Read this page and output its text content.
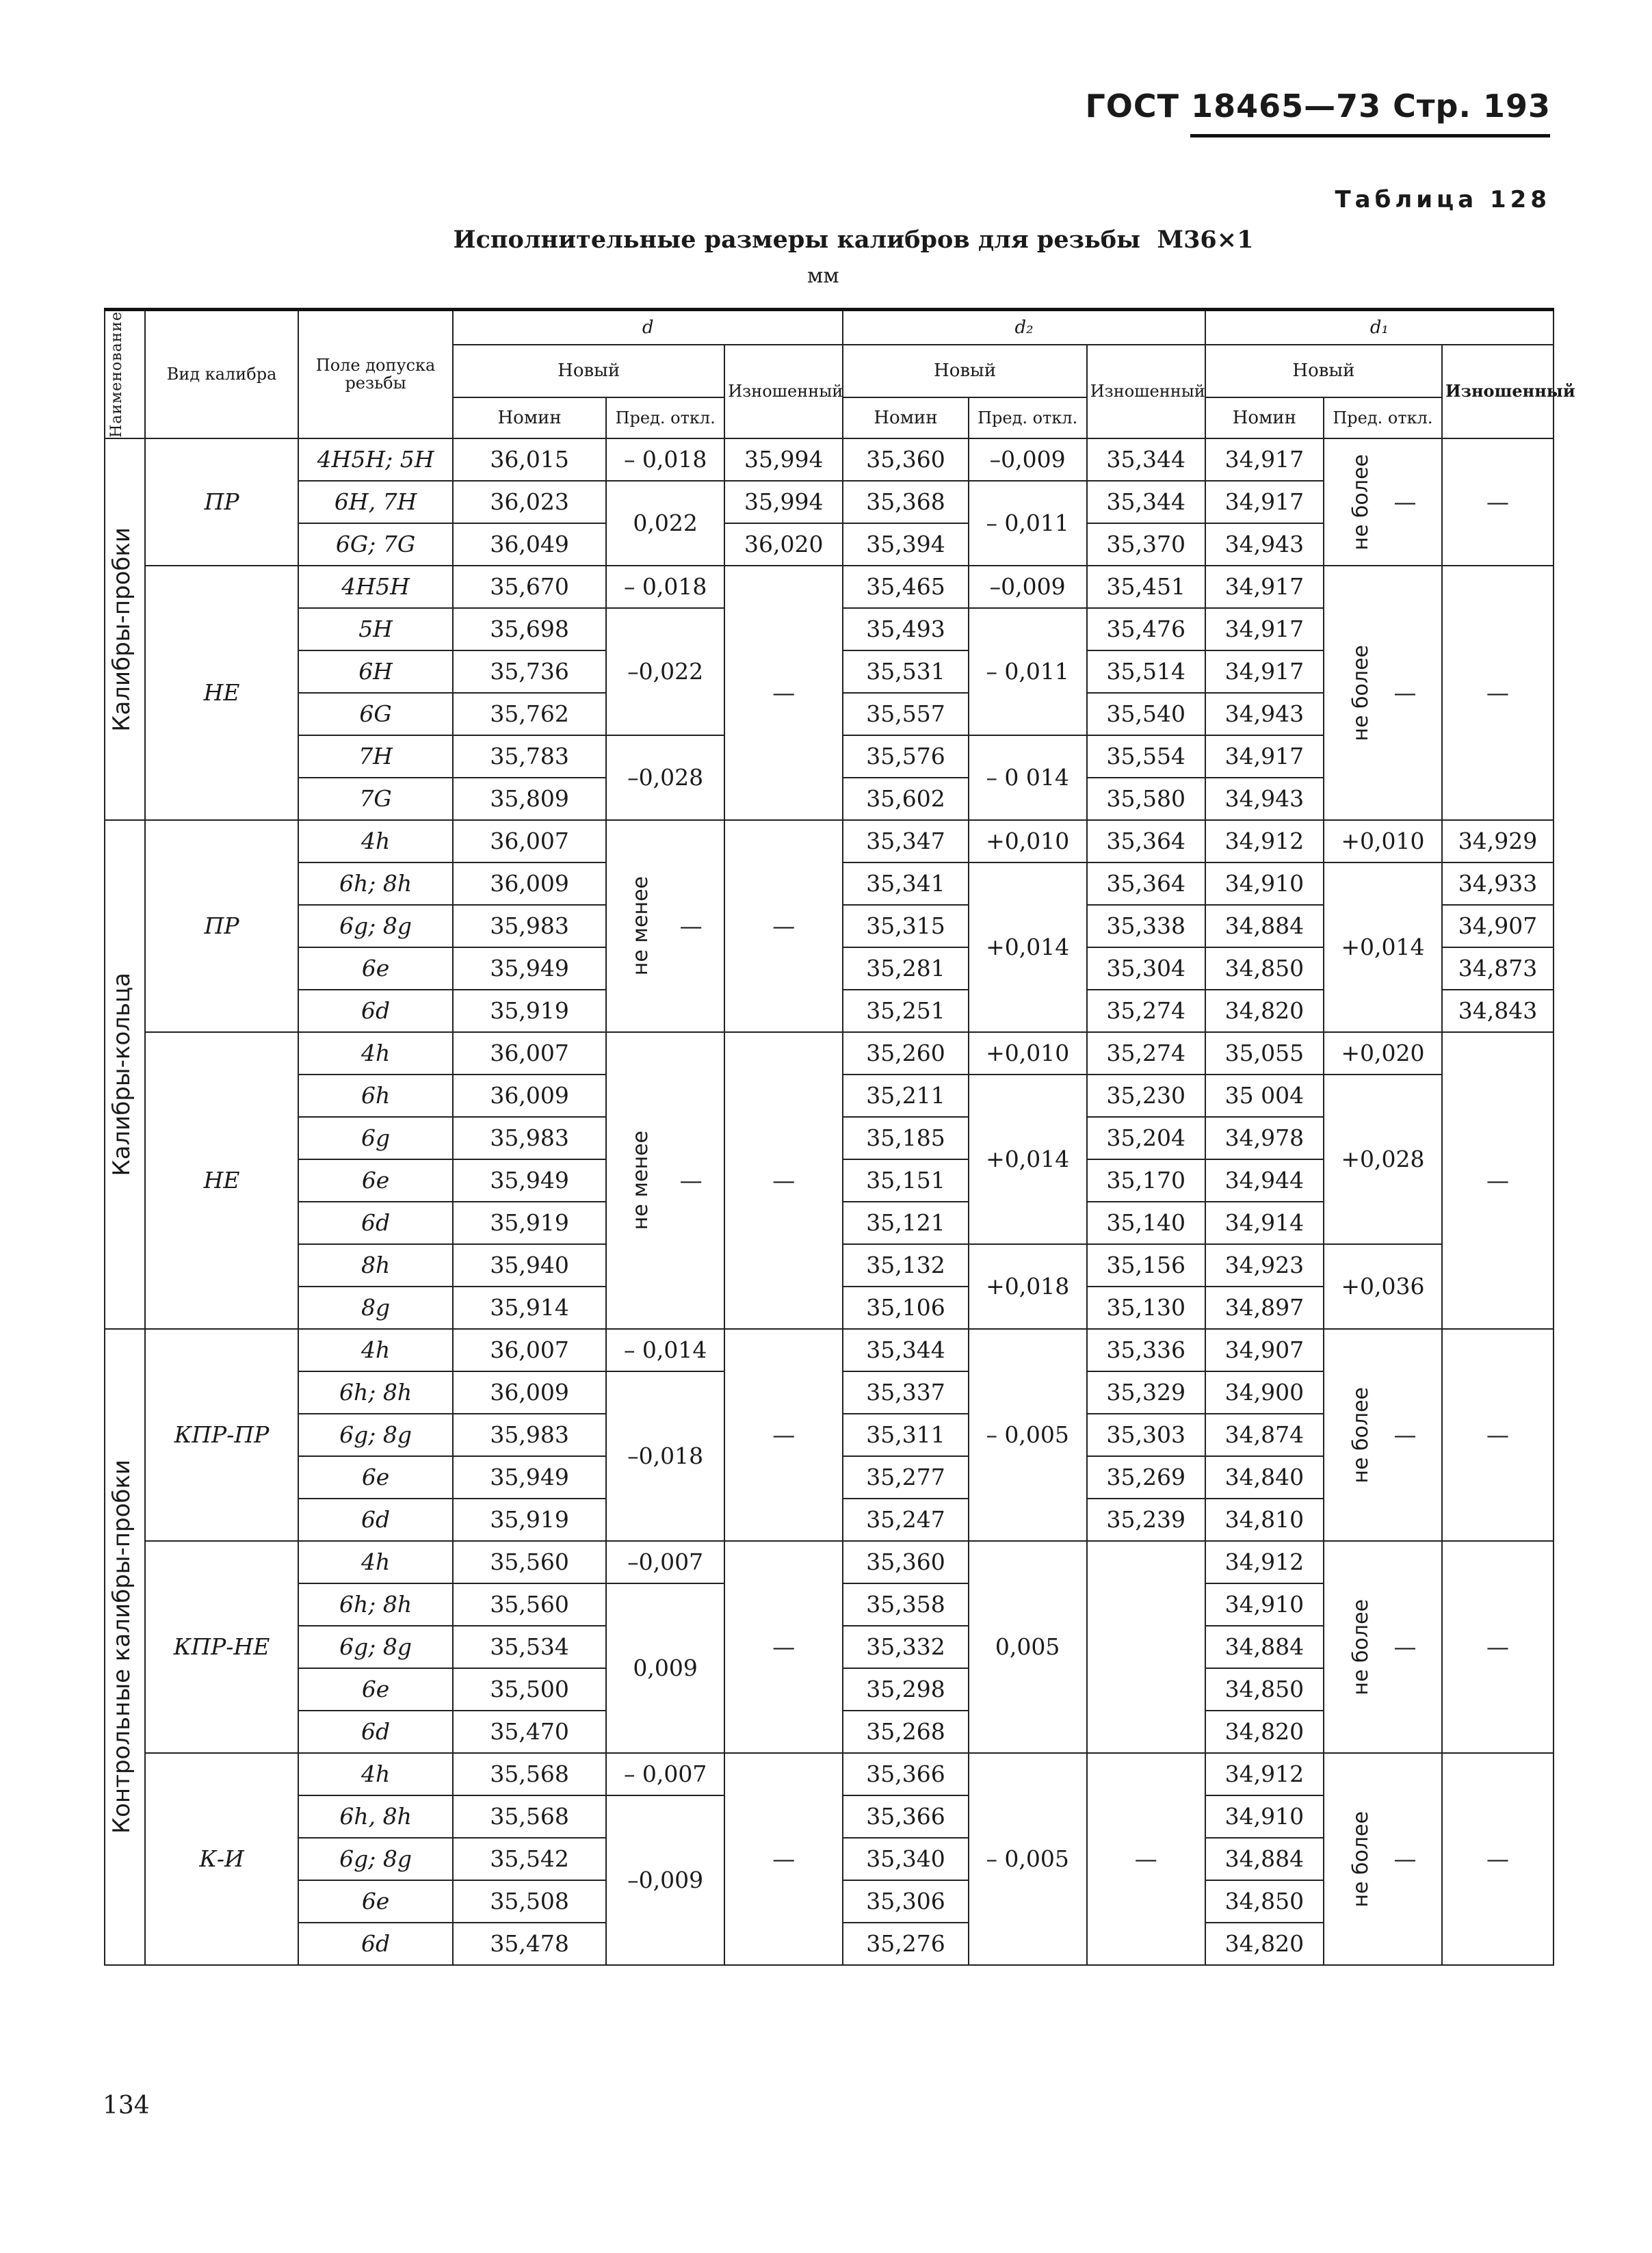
ГОСТ 18465—73 Стр. 193
Таблица 128
Исполнительные размеры калибров для резьбы M36×1
мм
Наименование	Вид калибра	Поле допуска резьбы	d			d₂			d₁		
			Новый		Изношенный	Новый		Изношенный	Новый		Изношенный

			Номин	Пред. откл.		Номин	Пред. откл.		Номин	Пред. откл.	

Калибры-пробки	ПР	4H5H; 5H	36,015	– 0,018	35,994	35,360	–0,009	35,344	34,917	не более —	—
		6H, 7H	36,023	0,022	35,994	35,368	– 0,011	35,344	34,917		
		6G; 7G	36,049		36,020	35,394		35,370	34,943		
	НЕ	4H5H	35,670	– 0,018	—	35,465	–0,009	35,451	34,917	не более —	—
		5H	35,698	–0,022		35,493	– 0,011	35,476	34,917		
		6H	35,736			35,531		35,514	34,917		
		6G	35,762			35,557		35,540	34,943		
		7H	35,783	–0,028		35,576	– 0 014	35,554	34,917		
		7G	35,809			35,602		35,580	34,943		

Калибры-кольца	ПР	4h	36,007	не менее —	—	35,347	+0,010	35,364	34,912	+0,010	34,929
		6h; 8h	36,009			35,341	+0,014	35,364	34,910	+0,014	34,933
		6g; 8g	35,983			35,315		35,338	34,884		34,907
		6e	35,949			35,281		35,304	34,850		34,873
		6d	35,919			35,251		35,274	34,820		34,843
	НЕ	4h	36,007	не менее —	—	35,260	+0,010	35,274	35,055	+0,020	—
		6h	36,009			35,211	+0,014	35,230	35 004	+0,028	
		6g	35,983			35,185		35,204	34,978		
		6e	35,949			35,151		35,170	34,944		
		6d	35,919			35,121		35,140	34,914		
		8h	35,940			35,132	+0,018	35,156	34,923	+0,036	
		8g	35,914			35,106		35,130	34,897		

Контрольные калибры-пробки	КПР-ПР	4h	36,007	– 0,014	—	35,344	– 0,005	35,336	34,907	не более —	—
		6h; 8h	36,009	–0,018		35,337		35,329	34,900		
		6g; 8g	35,983			35,311		35,303	34,874		
		6e	35,949			35,277		35,269	34,840		
		6d	35,919			35,247		35,239	34,810		
	КПР-НЕ	4h	35,560	–0,007	—	35,360	0,005		34,912	не более —	—
		6h; 8h	35,560	0,009		35,358			34,910		
		6g; 8g	35,534			35,332			34,884		
		6e	35,500			35,298			34,850		
		6d	35,470			35,268			34,820		
	К-И	4h	35,568	– 0,007	—	35,366	– 0,005	—	34,912	не более —	—
		6h, 8h	35,568	–0,009		35,366			34,910		
		6g; 8g	35,542			35,340			34,884		
		6e	35,508			35,306			34,850		
		6d	35,478			35,276			34,820		
134
